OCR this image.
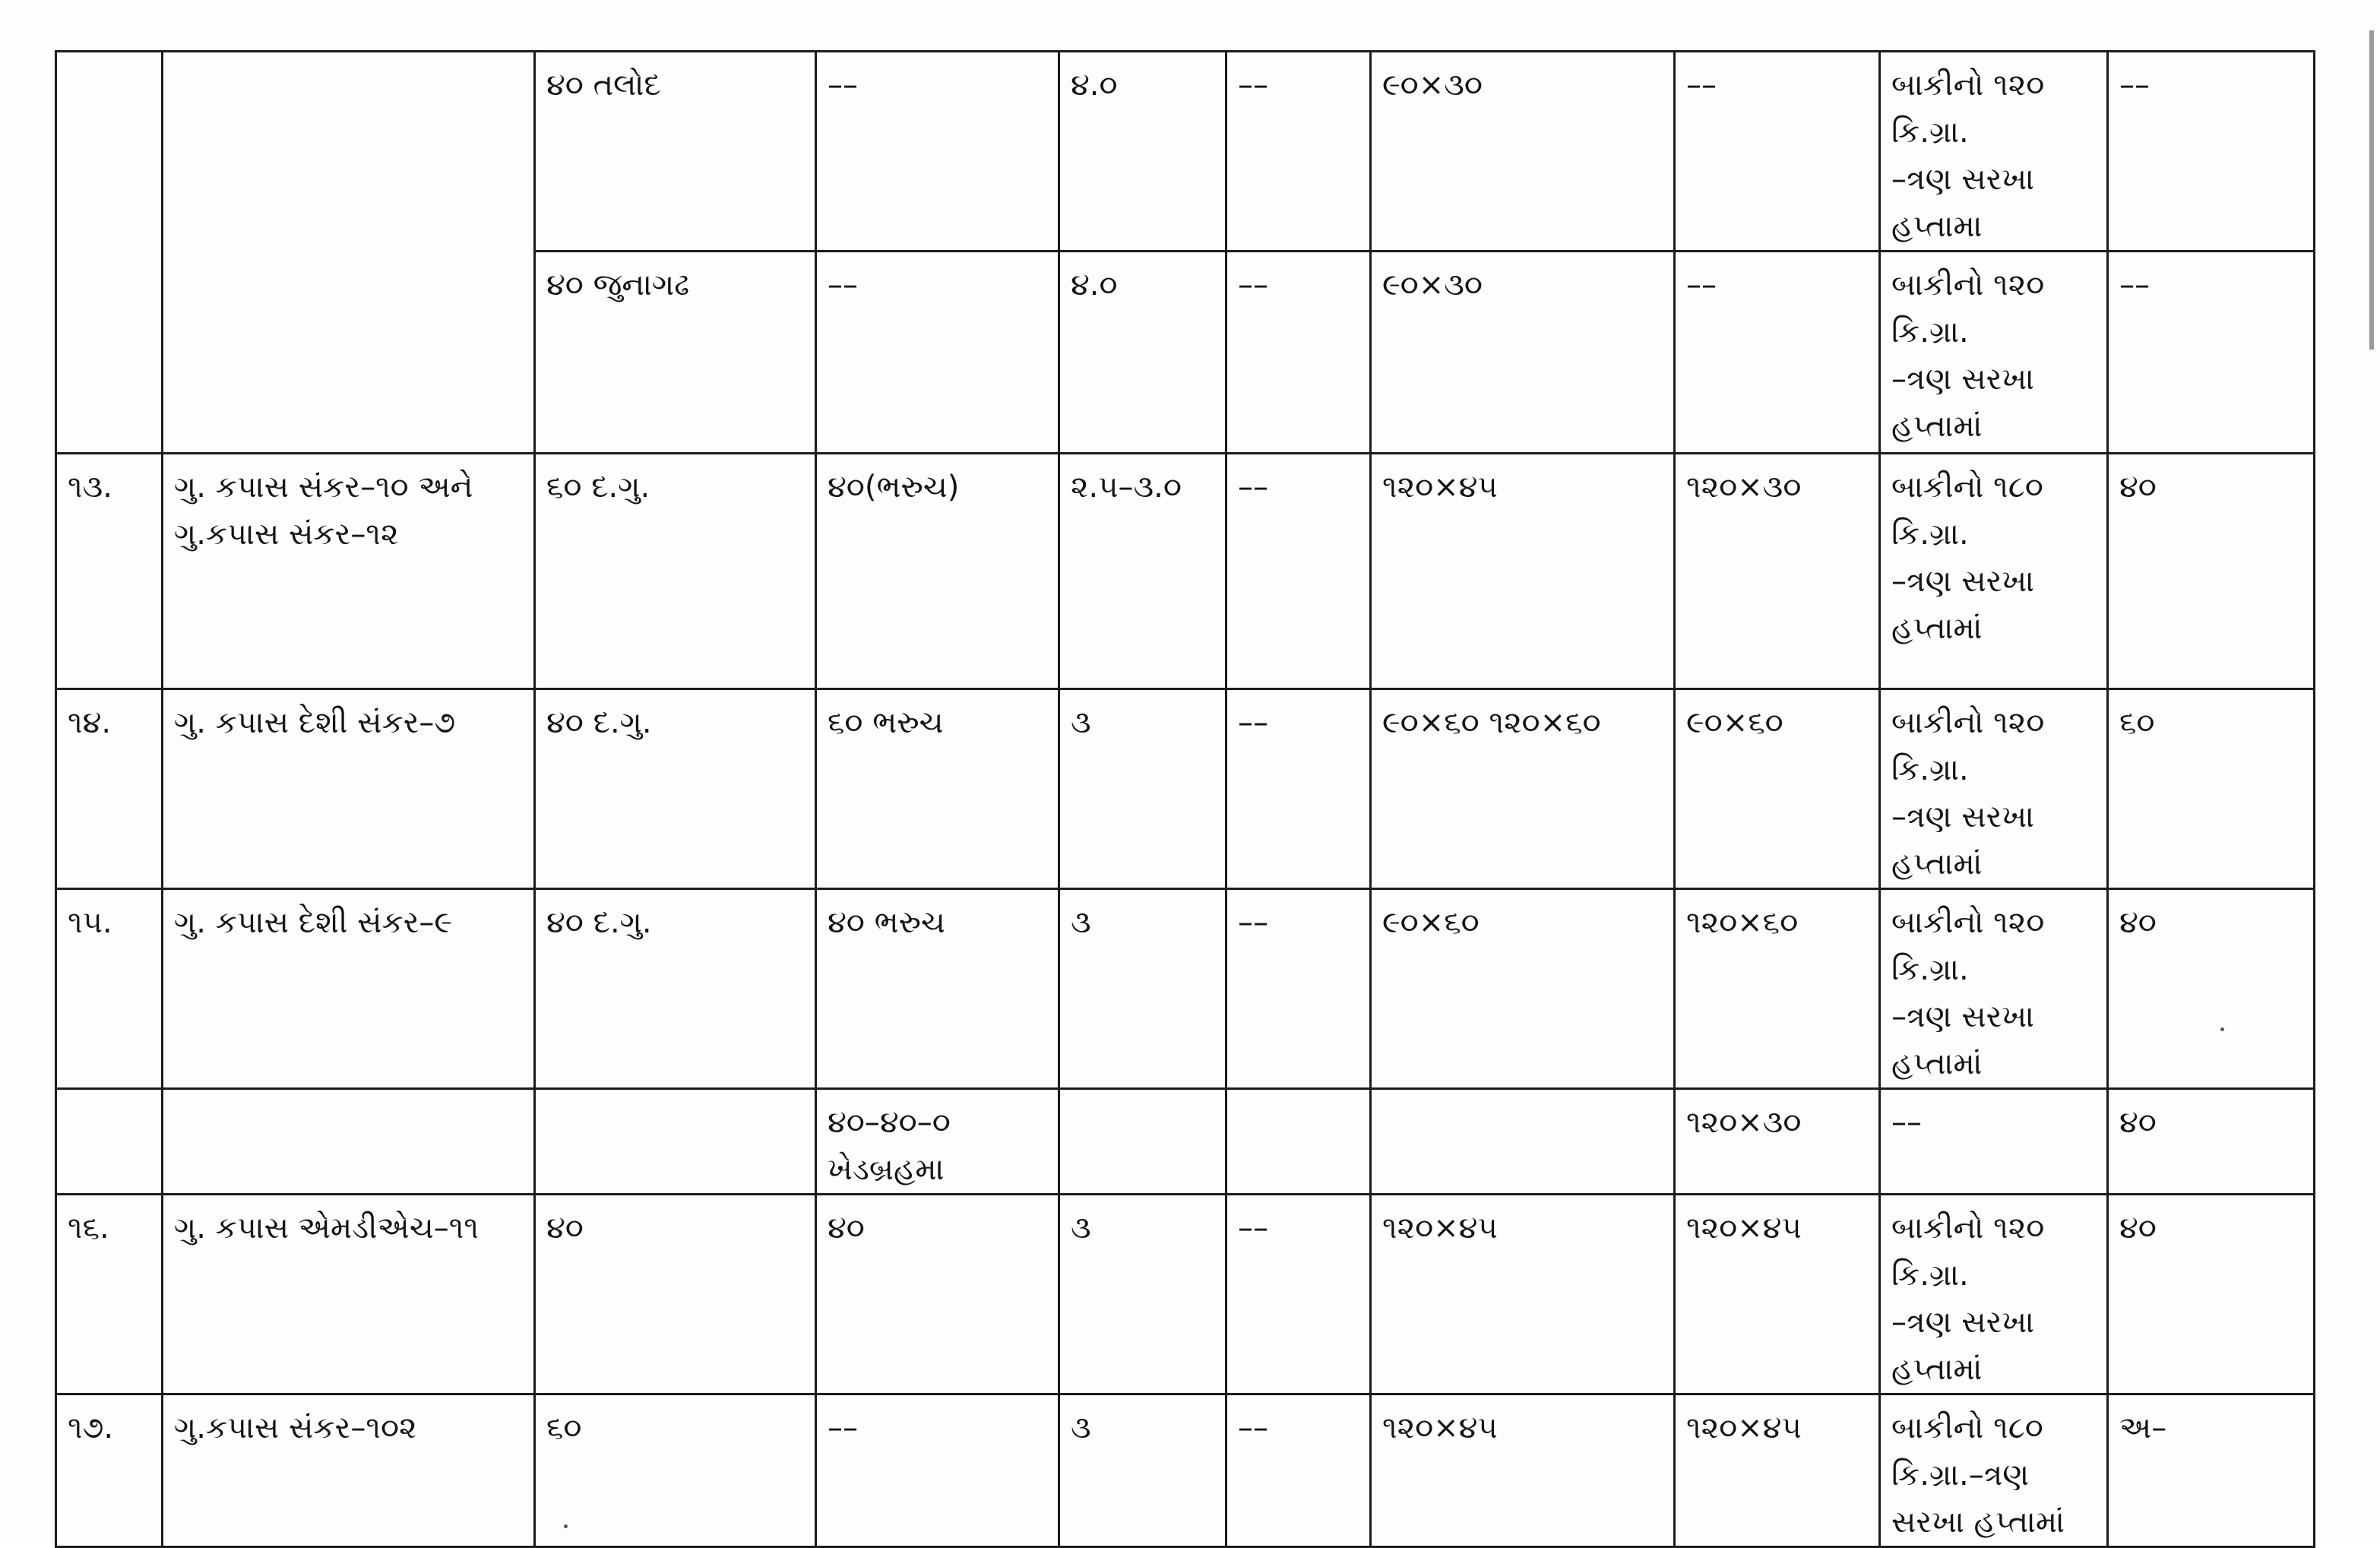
		૪૦ તલોદ	––	૪.૦	––	૯૦×૩૦	––	બાકીનો ૧૨૦
કિ.ગ્રા.
–ત્રણ સરખા
હપ્તામા	––
		૪૦ જુનાગઢ	––	૪.૦	––	૯૦×૩૦	––	બાકીનો ૧૨૦
કિ.ગ્રા.
–ત્રણ સરખા
હપ્તામાં	––
૧૩.	ગુ. કપાસ સંકર–૧૦ અને ગુ.કપાસ સંકર–૧૨	૬૦ દ.ગુ.	૪૦(ભરુચ)	૨.૫–૩.૦	––	૧૨૦×૪૫	૧૨૦×૩૦	બાકીનો ૧૮૦
કિ.ગ્રા.
–ત્રણ સરખા
હપ્તામાં	૪૦
૧૪.	ગુ. કપાસ દેશી સંકર–૭	૪૦ દ.ગુ.	૬૦ ભરુચ	૩	––	૯૦×૬૦ ૧૨૦×૬૦	૯૦×૬૦	બાકીનો ૧૨૦
કિ.ગ્રા.
–ત્રણ સરખા
હપ્તામાં	૬૦
૧૫.	ગુ. કપાસ દેશી સંકર–૯	૪૦ દ.ગુ.	૪૦ ભરુચ	૩	––	૯૦×૬૦	૧૨૦×૬૦	બાકીનો ૧૨૦
કિ.ગ્રા.
–ત્રણ સરખા
હપ્તામાં	૪૦
			૪૦–૪૦–૦ ખેડબ્રહમા				૧૨૦×૩૦	––	૪૦
૧૬.	ગુ. કપાસ એમડીએચ–૧૧	૪૦	૪૦	૩	––	૧૨૦×૪૫	૧૨૦×૪૫	બાકીનો ૧૨૦
કિ.ગ્રા.
–ત્રણ સરખા
હપ્તામાં	૪૦
૧૭.	ગુ.કપાસ સંકર–૧૦૨	૬૦	––	૩	––	૧૨૦×૪૫	૧૨૦×૪૫	બાકીનો ૧૮૦
કિ.ગ્રા.–ત્રણ
સરખા હપ્તામાં	અ–
